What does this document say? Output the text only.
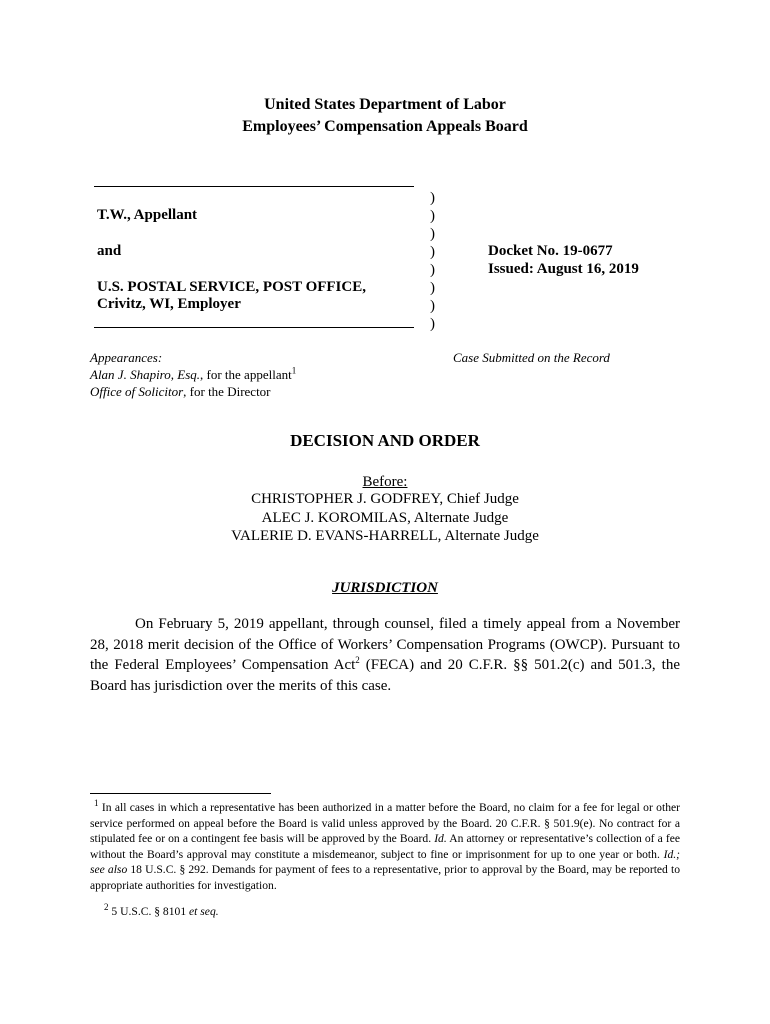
United States Department of Labor
Employees’ Compensation Appeals Board
T.W., Appellant
and
U.S. POSTAL SERVICE, POST OFFICE,
Crivitz, WI, Employer
)
)
)
)
)
)
)
)
Docket No. 19-0677
Issued: August 16, 2019
Appearances:
Alan J. Shapiro, Esq., for the appellant$^1$
Office of Solicitor, for the Director
Case Submitted on the Record
DECISION AND ORDER
Before:
CHRISTOPHER J. GODFREY, Chief Judge
ALEC J. KOROMILAS, Alternate Judge
VALERIE D. EVANS-HARRELL, Alternate Judge
JURISDICTION
On February 5, 2019 appellant, through counsel, filed a timely appeal from a November 28, 2018 merit decision of the Office of Workers’ Compensation Programs (OWCP). Pursuant to the Federal Employees’ Compensation Act$^2$ (FECA) and 20 C.F.R. §§ 501.2(c) and 501.3, the Board has jurisdiction over the merits of this case.
$^1$ In all cases in which a representative has been authorized in a matter before the Board, no claim for a fee for legal or other service performed on appeal before the Board is valid unless approved by the Board. 20 C.F.R. § 501.9(e). No contract for a stipulated fee or on a contingent fee basis will be approved by the Board. Id. An attorney or representative’s collection of a fee without the Board’s approval may constitute a misdemeanor, subject to fine or imprisonment for up to one year or both. Id.; see also 18 U.S.C. § 292. Demands for payment of fees to a representative, prior to approval by the Board, may be reported to appropriate authorities for investigation.
$^2$ 5 U.S.C. § 8101 et seq.
